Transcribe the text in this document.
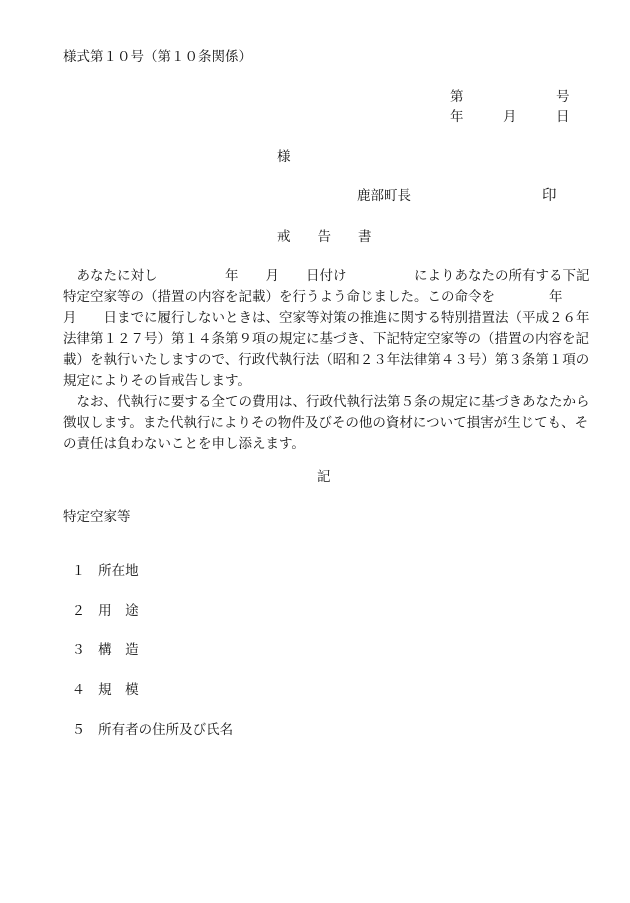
様式第１０号（第１０条関係）
第	号
年	月	日
様
鹿部町長	印
戒　　告　　書
　あなたに対し　　　　　年　　月　　日付け　　　　　によりあなたの所有する下記
特定空家等の（措置の内容を記載）を行うよう命じました。この命令を　　　　年
月　　日までに履行しないときは、空家等対策の推進に関する特別措置法（平成２６年
法律第１２７号）第１４条第９項の規定に基づき、下記特定空家等の（措置の内容を記
載）を執行いたしますので、行政代執行法（昭和２３年法律第４３号）第３条第１項の
規定によりその旨戒告します。
　なお、代執行に要する全ての費用は、行政代執行法第５条の規定に基づきあなたから
徴収します。また代執行によりその物件及びその他の資材について損害が生じても、そ
の責任は負わないことを申し添えます。
記
特定空家等

１ 所在地

２ 用　途

３ 構　造

４ 規　模

５ 所有者の住所及び氏名
